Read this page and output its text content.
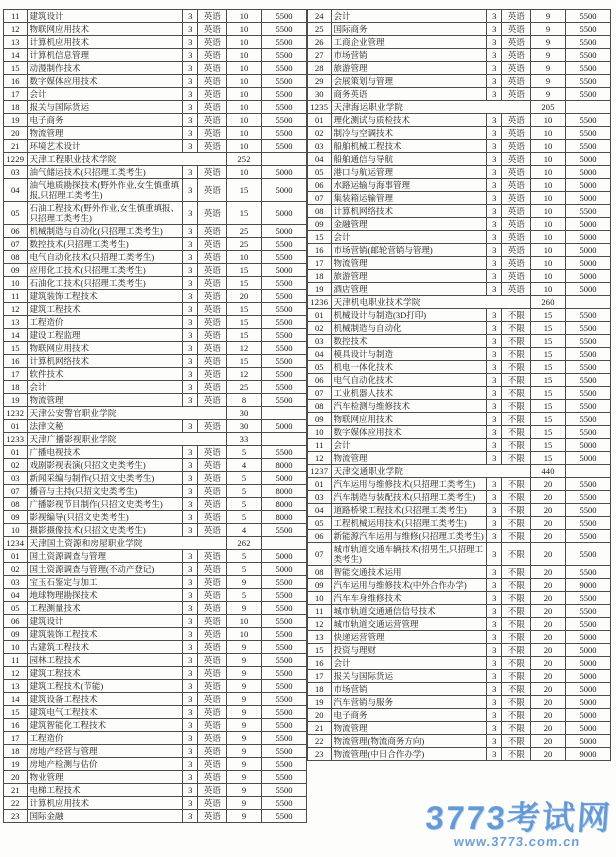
11	建筑设计	3	英语	10	5500
12	物联网应用技术	3	英语	10	5500
13	计算机应用技术	3	英语	10	5500
14	计算机信息管理	3	英语	10	5500
15	动漫制作技术	3	英语	10	5500
16	数字媒体应用技术	3	英语	10	5500
17	会计	3	英语	10	5500
18	报关与国际货运	3	英语	10	5500
19	电子商务	3	英语	10	5500
20	物流管理	3	英语	10	5500
21	环境艺术设计	3	英语	10	5500
1229	天津工程职业技术学院			252	
03	油气储运技术(只招理工类考生)	3	英语	10	5000
04	油气地质勘探技术(野外作业,女生慎重填报,只招理工类考生)	3	英语	15	5000
05	石油工程技术(野外作业,女生慎重填报、只招理工类考生)	3	英语	15	5000
06	机械制造与自动化(只招理工类考生)	3	英语	25	5000
07	数控技术(只招理工类考生)	3	英语	25	5500
08	电气自动化技术(只招理工类考生)	3	英语	10	5500
09	应用化工技术(只招理工类考生)	3	英语	15	5000
10	石油化工技术(只招理工类考生)	3	英语	15	5500
11	建筑装饰工程技术	3	英语	20	5500
12	建筑工程技术	3	英语	15	5500
13	工程造价	3	英语	15	5500
14	建设工程监理	3	英语	15	5500
15	物联网应用技术	3	英语	12	5500
16	计算机网络技术	3	英语	15	5500
17	软件技术	3	英语	12	5500
18	会计	3	英语	25	5500
19	物流管理	3	英语	8	5500
1232	天津公安警官职业学院			30	
01	法律文秘	3	英语	30	5000
1233	天津广播影视职业学院			33	
01	广播电视技术	3	英语	5	5500
02	戏剧影视表演(只招文史类考生)	3	英语	4	8000
03	新闻采编与制作(只招文史类考生)	3	英语	5	5000
07	播音与主持(只招文史类考生)	3	英语	5	8000
08	广播影视节目制作(只招文史类考生)	3	英语	5	8000
09	影视编导(只招文史类考生)	3	英语	5	8000
10	摄影摄像技术(只招文史类考生)	3	英语	4	5500
1234	天津国土资源和房屋职业学院			262	
01	国土资源调查与管理	3	英语	5	5000
02	国土资源调查与管理(不动产登记)	3	英语	5	5000
03	宝玉石鉴定与加工	3	英语	9	5500
04	地球物理勘探技术	3	英语	5	5500
05	工程测量技术	3	英语	9	5500
06	建筑设计	3	英语	10	5500
09	建筑装饰工程技术	3	英语	10	5500
10	古建筑工程技术	3	英语	9	5500
11	园林工程技术	3	英语	9	5500
12	建筑工程技术	3	英语	9	5500
13	建筑工程技术(节能)	3	英语	9	5500
14	建筑设备工程技术	3	英语	9	5500
15	建筑电气工程技术	3	英语	9	5500
16	建筑智能化工程技术	3	英语	9	5500
17	工程造价	3	英语	9	5500
18	房地产经营与管理	3	英语	9	5500
19	房地产检测与估价	3	英语	9	5500
20	物业管理	3	英语	9	5500
21	电梯工程技术	3	英语	9	5500
22	计算机应用技术	3	英语	9	5500
23	国际金融	3	英语	9	5500
24	会计	3	英语	9	5500
25	国际商务	3	英语	9	5500
26	工商企业管理	3	英语	9	5500
27	市场营销	3	英语	9	5500
28	旅游管理	3	英语	9	5500
29	会展策划与管理	3	英语	9	5500
30	商务英语	3	英语	9	5500
1235	天津海运职业学院			205	
01	理化测试与质检技术	3	英语	10	5500
02	制冷与空调技术	3	英语	10	5500
03	船舶机械工程技术	3	英语	10	5500
04	船舶通信与导航	3	英语	10	5000
05	港口与航运管理	3	英语	10	5000
06	水路运输与海事管理	3	英语	10	5000
07	集装箱运输管理	3	英语	10	5000
08	计算机网络技术	3	英语	10	5500
09	金融管理	3	英语	10	5000
15	会计	3	英语	10	5000
16	市场营销(邮轮营销与管理)	3	英语	10	5000
17	物流管理	3	英语	10	5000
18	旅游管理	3	英语	10	5000
19	酒店管理	3	英语	10	5000
1236	天津机电职业技术学院			260	
01	机械设计与制造(3D打印)	3	不限	15	5500
02	机械制造与自动化	3	不限	15	5500
03	数控技术	3	不限	15	5500
04	模具设计与制造	3	不限	15	5500
05	机电一体化技术	3	不限	15	5500
06	电气自动化技术	3	不限	15	5500
07	工业机器人技术	3	不限	15	5500
08	汽车检测与维修技术	3	不限	15	5500
09	物联网应用技术	3	不限	15	5500
10	数字媒体应用技术	3	不限	15	5500
11	会计	3	不限	15	5000
12	物流管理	3	不限	15	5000
1237	天津交通职业学院			440	
01	汽车运用与维修技术(只招理工类考生)	3	不限	20	5500
03	汽车制造与装配技术(只招理工类考生)	3	不限	20	5500
04	道路桥梁工程技术(只招理工类考生)	3	不限	20	5500
05	工程机械运用技术(只招理工类考生)	3	不限	20	5500
06	新能源汽车运用与维修(只招理工类考生)	3	不限	20	5500
07	城市轨道交通车辆技术(招男生,只招理工类考生)	3	不限	20	5500
08	智能交通技术运用	3	不限	20	5500
09	汽车运用与维修技术(中外合作办学)	3	不限	20	9000
10	汽车车身维修技术	3	不限	20	5500
11	城市轨道交通通信信号技术	3	不限	20	5500
12	城市轨道交通运营管理	3	不限	20	5500
13	快递运营管理	3	不限	20	5000
15	投资与理财	3	不限	20	5000
16	会计	3	不限	20	5000
17	报关与国际货运	3	不限	20	5000
18	市场营销	3	不限	20	5000
19	汽车营销与服务	3	不限	20	5000
20	电子商务	3	不限	20	5000
21	物流管理	3	不限	20	5000
22	物流管理(物流商务方向)	3	不限	20	5000
23	物流管理(中日合作办学)	3	不限	20	9000
3773考试网
www.3773.com.cn
